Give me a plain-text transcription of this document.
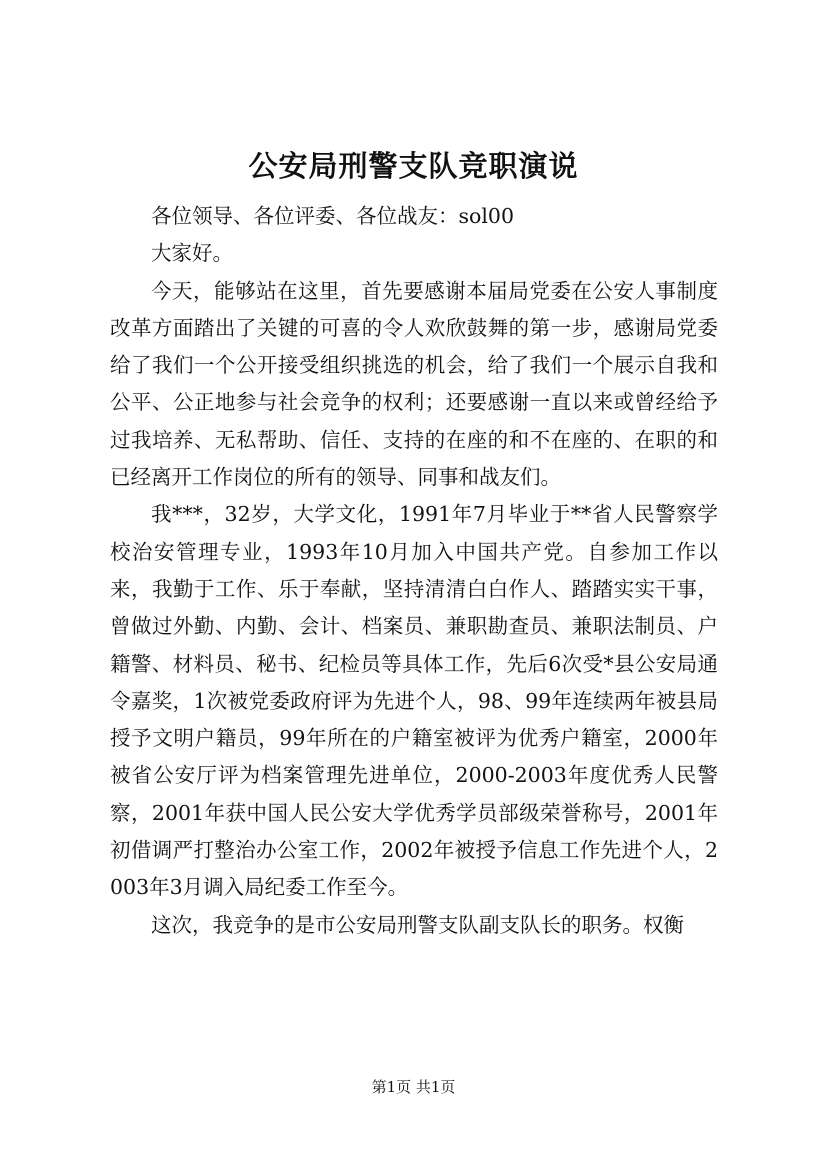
公安局刑警支队竞职演说

各位领导、各位评委、各位战友：sol00

大家好。

今天，能够站在这里，首先要感谢本届局党委在公安人事制度改革方面踏出了关键的可喜的令人欢欣鼓舞的第一步，感谢局党委给了我们一个公开接受组织挑选的机会，给了我们一个展示自我和公平、公正地参与社会竞争的权利；还要感谢一直以来或曾经给予过我培养、无私帮助、信任、支持的在座的和不在座的、在职的和已经离开工作岗位的所有的领导、同事和战友们。

我***，32岁，大学文化，1991年7月毕业于**省人民警察学校治安管理专业，1993年10月加入中国共产党。自参加工作以来，我勤于工作、乐于奉献，坚持清清白白作人、踏踏实实干事，曾做过外勤、内勤、会计、档案员、兼职勘查员、兼职法制员、户籍警、材料员、秘书、纪检员等具体工作，先后6次受*县公安局通令嘉奖，1次被党委政府评为先进个人，98、99年连续两年被县局授予文明户籍员，99年所在的户籍室被评为优秀户籍室，2000年被省公安厅评为档案管理先进单位，2000-2003年度优秀人民警察，2001年获中国人民公安大学优秀学员部级荣誉称号，2001年初借调严打整治办公室工作，2002年被授予信息工作先进个人，2003年3月调入局纪委工作至今。

这次，我竞争的是市公安局刑警支队副支队长的职务。权衡

第1页 共1页
